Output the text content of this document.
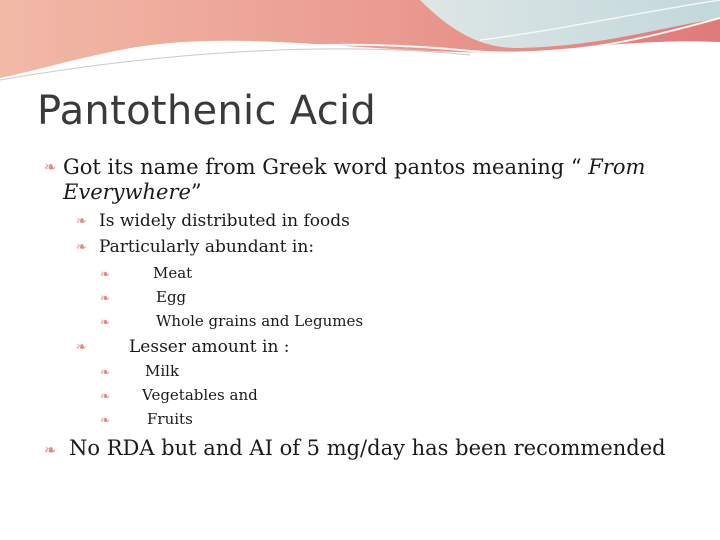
Pantothenic Acid
❧ Got its name from Greek word pantos meaning “ From
Everywhere”
❧ Is widely distributed in foods
❧ Particularly abundant in:
❧	Meat
❧	Egg
❧	Whole grains and Legumes
❧ Lesser amount in :
❧ Milk
❧ Vegetables and
❧ Fruits
❧ No RDA but and AI of 5 mg/day has been recommended
